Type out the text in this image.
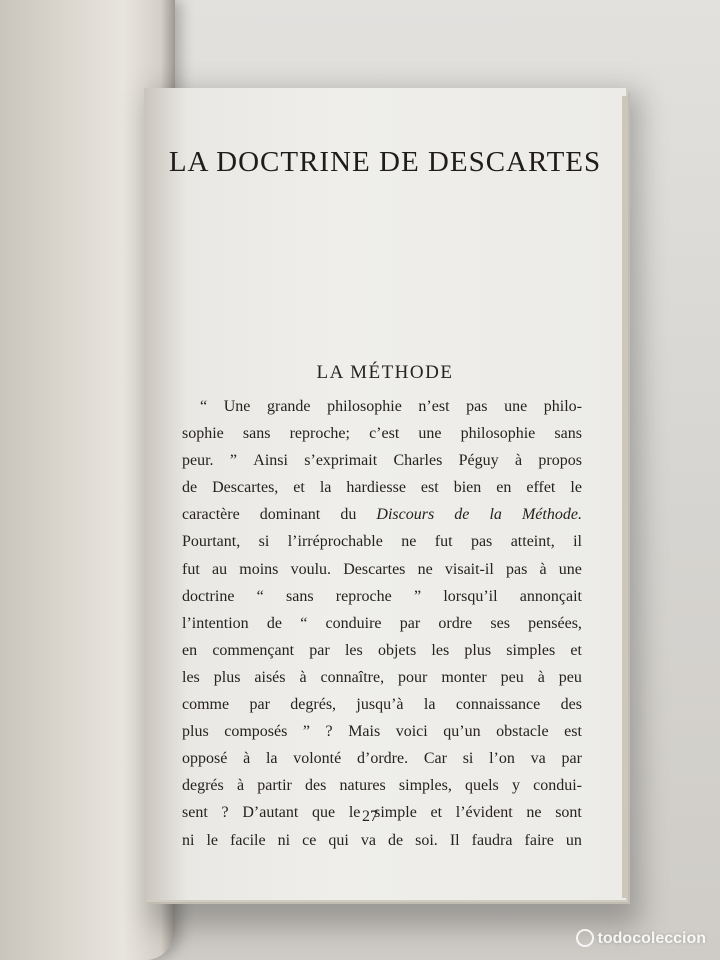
LA DOCTRINE DE DESCARTES
LA MÉTHODE
“ Une grande philosophie n’est pas une philo-
sophie sans reproche; c’est une philosophie sans
peur. ” Ainsi s’exprimait Charles Péguy à propos
de Descartes, et la hardiesse est bien en effet le
caractère dominant du Discours de la Méthode.
Pourtant, si l’irréprochable ne fut pas atteint, il
fut au moins voulu. Descartes ne visait-il pas à une
doctrine “ sans reproche ” lorsqu’il annonçait
l’intention de “ conduire par ordre ses pensées,
en commençant par les objets les plus simples et
les plus aisés à connaître, pour monter peu à peu
comme par degrés, jusqu’à la connaissance des
plus composés ” ? Mais voici qu’un obstacle est
opposé à la volonté d’ordre. Car si l’on va par
degrés à partir des natures simples, quels y condui-
sent ? D’autant que le simple et l’évident ne sont
ni le facile ni ce qui va de soi. Il faudra faire un
27
todocoleccion
